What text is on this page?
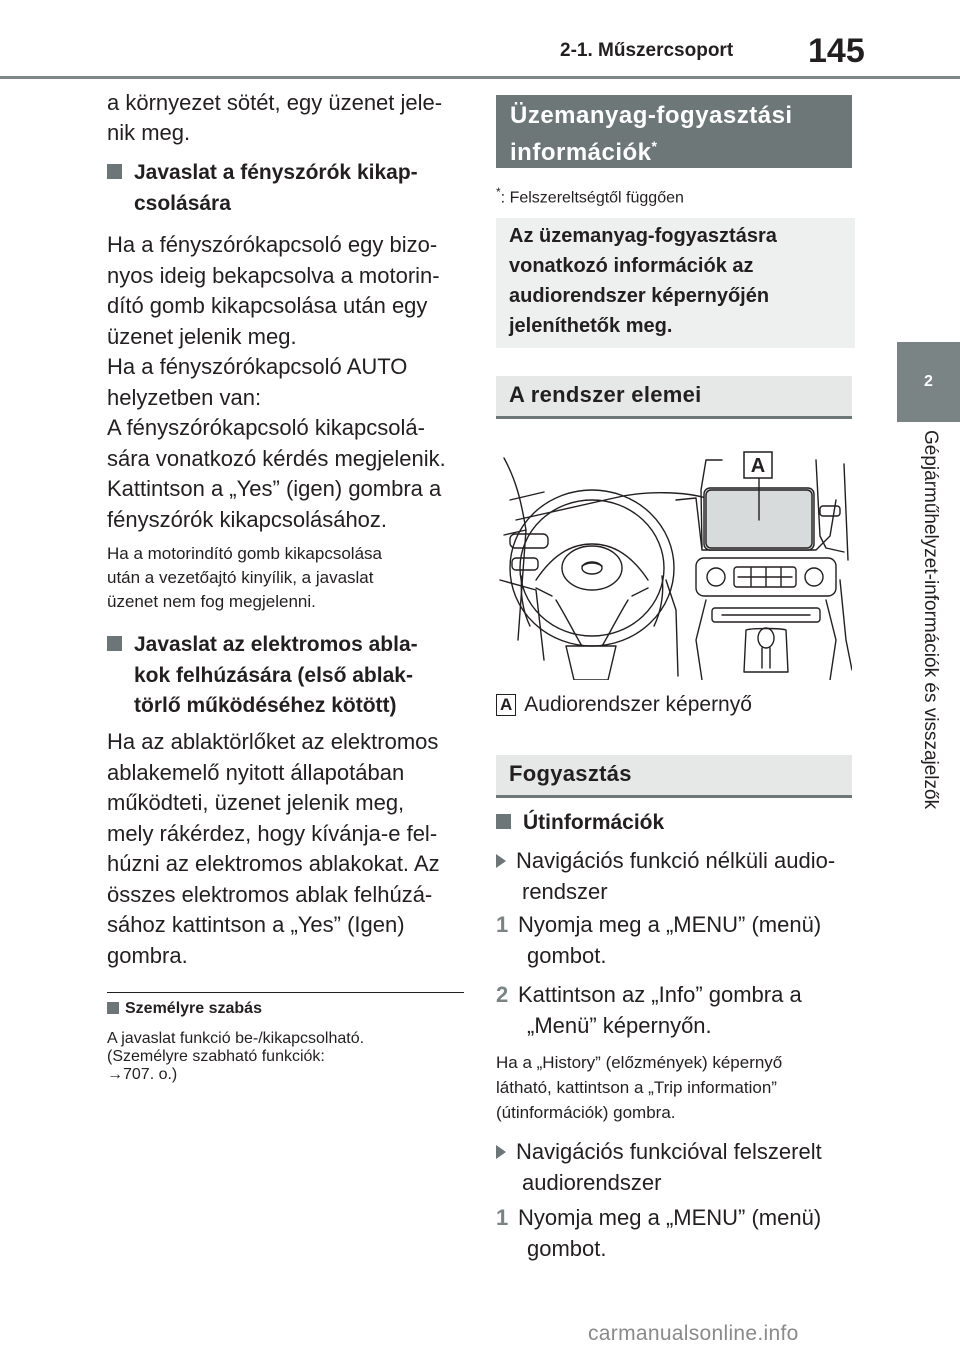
2-1. Műszercsoport 145
2
Gépjárműhelyzet-információk és visszajelzők
a környezet sötét, egy üzenet jele-
nik meg.
Javaslat a fényszórók kikap-
csolására
Ha a fényszórókapcsoló egy bizo-
nyos ideig bekapcsolva a motorin-
dító gomb kikapcsolása után egy
üzenet jelenik meg.
Ha a fényszórókapcsoló AUTO
helyzetben van:
A fényszórókapcsoló kikapcsolá-
sára vonatkozó kérdés megjelenik.
Kattintson a „Yes” (igen) gombra a
fényszórók kikapcsolásához.
Ha a motorindító gomb kikapcsolása
után a vezetőajtó kinyílik, a javaslat
üzenet nem fog megjelenni.
Javaslat az elektromos abla-
kok felhúzására (első ablak-
törlő működéséhez kötött)
Ha az ablaktörlőket az elektromos
ablakemelő nyitott állapotában
működteti, üzenet jelenik meg,
mely rákérdez, hogy kívánja-e fel-
húzni az elektromos ablakokat. Az
összes elektromos ablak felhúzá-
sához kattintson a „Yes” (Igen)
gombra.
Személyre szabás
A javaslat funkció be-/kikapcsolható.
(Személyre szabható funkciók:
→707. o.)
Üzemanyag-fogyasztási
információk*
*: Felszereltségtől függően
Az üzemanyag-fogyasztásra
vonatkozó információk az
audiorendszer képernyőjén
jeleníthetők meg.
A rendszer elemei
A
A Audiorendszer képernyő
Fogyasztás
Útinformációk
Navigációs funkció nélküli audio-
rendszer
1 Nyomja meg a „MENU” (menü)
gombot.
2 Kattintson az „Info” gombra a
„Menü” képernyőn.
Ha a „History” (előzmények) képernyő
látható, kattintson a „Trip information”
(útinformációk) gombra.
Navigációs funkcióval felszerelt
audiorendszer
1 Nyomja meg a „MENU” (menü)
gombot.
carmanualsonline.info
